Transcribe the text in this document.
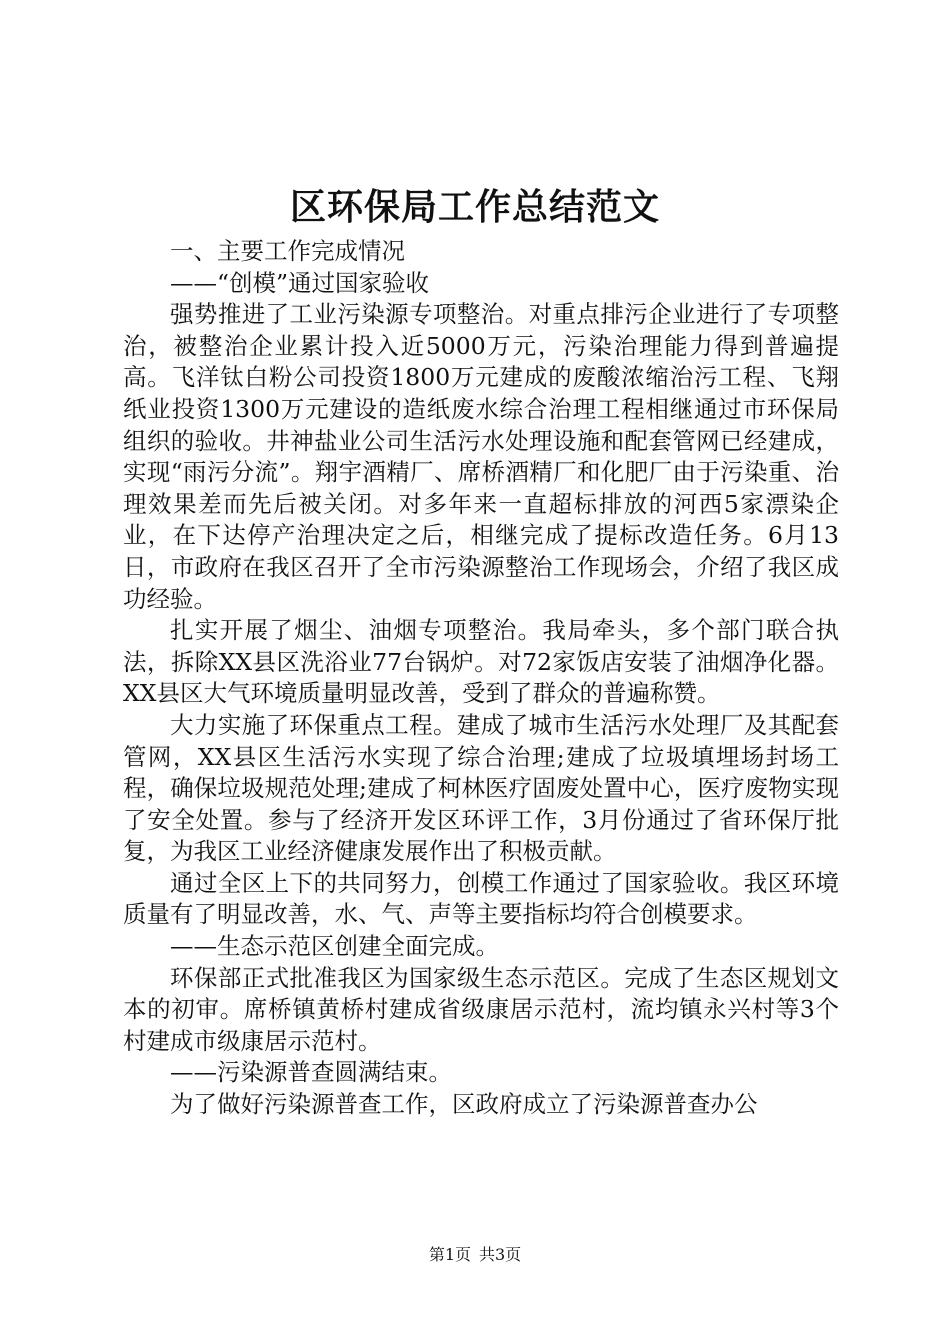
区环保局工作总结范文

一、主要工作完成情况

——“创模”通过国家验收

强势推进了工业污染源专项整治。对重点排污企业进行了专项整治，被整治企业累计投入近5000万元，污染治理能力得到普遍提高。飞洋钛白粉公司投资1800万元建成的废酸浓缩治污工程、飞翔纸业投资1300万元建设的造纸废水综合治理工程相继通过市环保局组织的验收。井神盐业公司生活污水处理设施和配套管网已经建成，实现“雨污分流”。翔宇酒精厂、席桥酒精厂和化肥厂由于污染重、治理效果差而先后被关闭。对多年来一直超标排放的河西5家漂染企业，在下达停产治理决定之后，相继完成了提标改造任务。6月13日，市政府在我区召开了全市污染源整治工作现场会，介绍了我区成功经验。

扎实开展了烟尘、油烟专项整治。我局牵头，多个部门联合执法，拆除XX县区洗浴业77台锅炉。对72家饭店安装了油烟净化器。XX县区大气环境质量明显改善，受到了群众的普遍称赞。

大力实施了环保重点工程。建成了城市生活污水处理厂及其配套管网，XX县区生活污水实现了综合治理;建成了垃圾填埋场封场工程，确保垃圾规范处理;建成了柯林医疗固废处置中心，医疗废物实现了安全处置。参与了经济开发区环评工作，3月份通过了省环保厅批复，为我区工业经济健康发展作出了积极贡献。

通过全区上下的共同努力，创模工作通过了国家验收。我区环境质量有了明显改善，水、气、声等主要指标均符合创模要求。

——生态示范区创建全面完成。

环保部正式批准我区为国家级生态示范区。完成了生态区规划文本的初审。席桥镇黄桥村建成省级康居示范村，流均镇永兴村等3个村建成市级康居示范村。

——污染源普查圆满结束。

为了做好污染源普查工作，区政府成立了污染源普查办公

第1页 共3页
